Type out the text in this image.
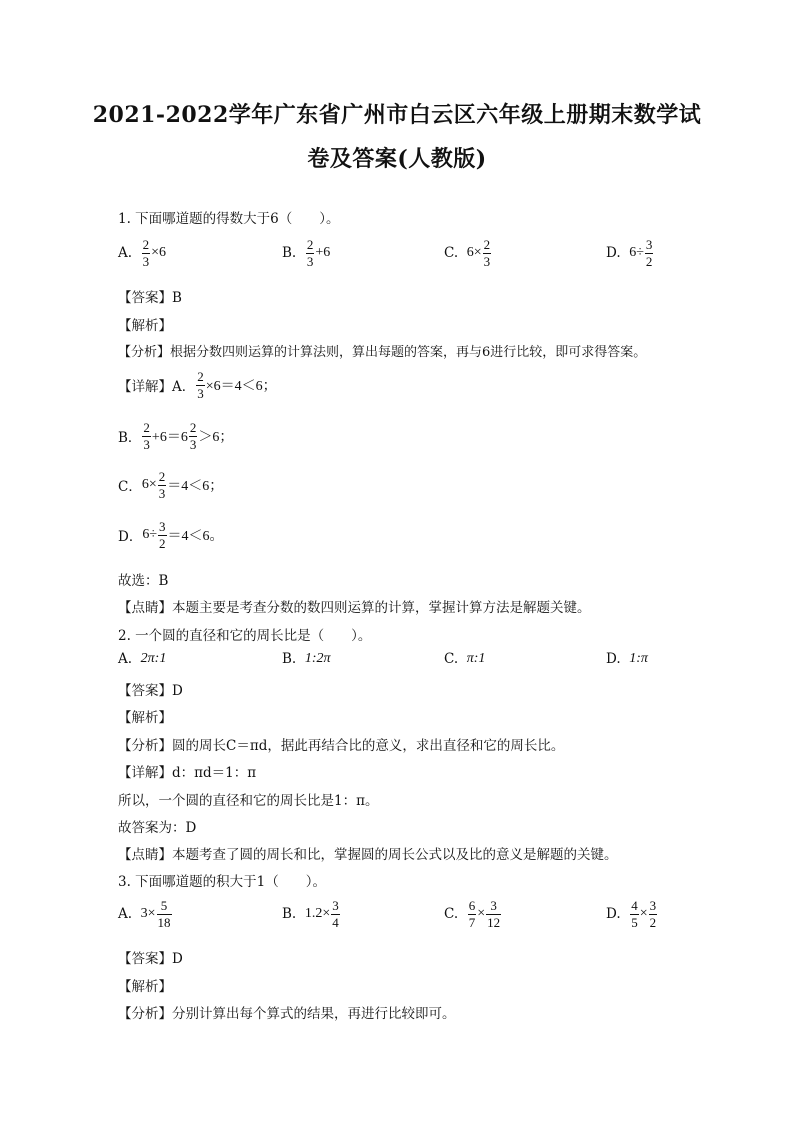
2021-2022学年广东省广州市白云区六年级上册期末数学试
卷及答案(人教版)
1. 下面哪道题的得数大于6（　　）。
A.
$\frac{2}{3} \times 6$	B.
$\frac{2}{3} +6$	C.
$6\times \frac{2}{3}$	D.
$6\div \frac{3}{2}$
【答案】B
【解析】
【分析】根据分数四则运算的计算法则，算出每题的答案，再与6进行比较，即可求得答案。
【详解】A． $\frac{2}{3} \times 6=4<6$；
B． $\frac{2}{3} +6=6 \frac{2}{3} >6$；
C． $6\times \frac{2}{3} =4<6$；
D． $6\div \frac{3}{2} =4<6$。
故选：B
【点睛】本题主要是考查分数的数四则运算的计算，掌握计算方法是解题关键。
2. 一个圆的直径和它的周长比是（　　）。
A.
2π:1	B.
1:2π	C.
π:1	D.
1:π
【答案】D
【解析】
【分析】圆的周长C＝πd，据此再结合比的意义，求出直径和它的周长比。
【详解】d：πd＝1：π
所以，一个圆的直径和它的周长比是1：π。
故答案为：D
【点睛】本题考查了圆的周长和比，掌握圆的周长公式以及比的意义是解题的关键。
3. 下面哪道题的积大于1（　　）。
A.
$3\times \frac{5}{18}$	B.
$1.2\times \frac{3}{4}$	C.
$\frac{6}{7} \times \frac{3}{12}$	D.
$\frac{4}{5} \times \frac{3}{2}$
【答案】D
【解析】
【分析】分别计算出每个算式的结果，再进行比较即可。
